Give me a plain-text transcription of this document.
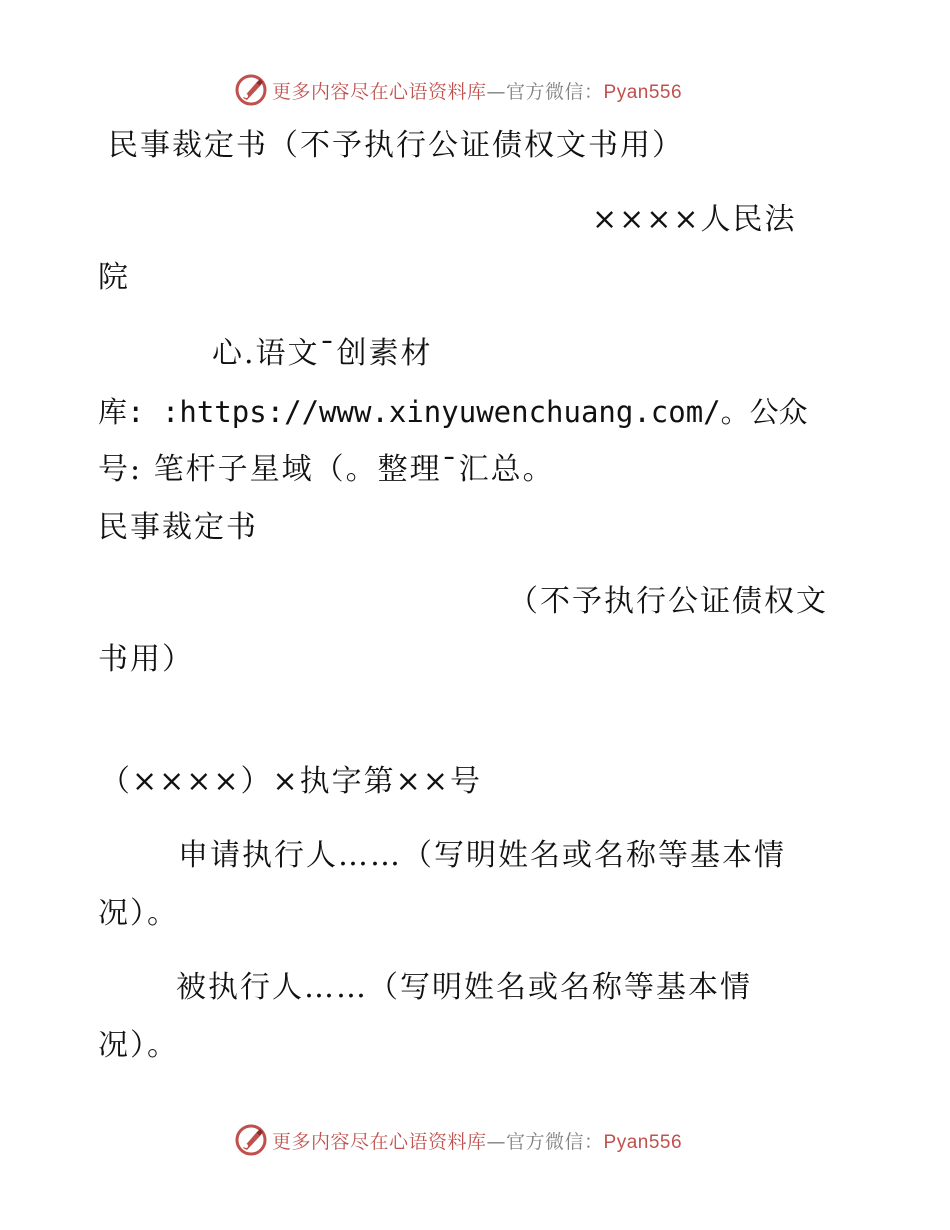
更多内容尽在心语资料库—官方微信：Pyan556
民事裁定书（不予执行公证债权文书用）
××××人民法
院
心.语文¯创素材
库: :https://www.xinyuwenchuang.com/。公众
号: 笔杆子星域（。整理¯汇总。
民事裁定书
（不予执行公证债权文
书用）
（××××）×执字第××号
申请执行人……（写明姓名或名称等基本情
况）。
被执行人……（写明姓名或名称等基本情
况）。
更多内容尽在心语资料库—官方微信：Pyan556
